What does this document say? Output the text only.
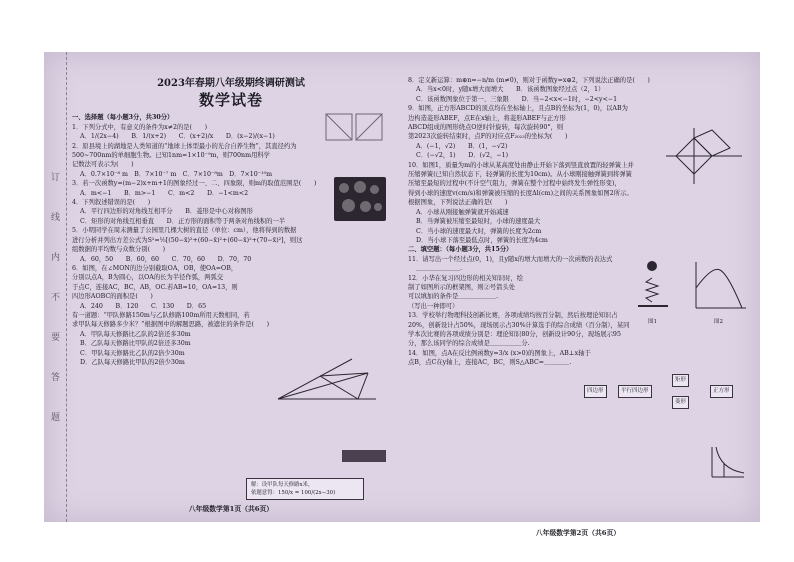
订
线
内
不
要
答
题
2023年春期八年级期终调研测试
数学试卷
一、选择题（每小题3分，共30分）
1．下列分式中，有意义的条件为x≠2的是(　　)
A．1/(2x−4)　　B．1/(x+2)　　C．(x+2)/x　　D．(x−2)/(x−1)
2．原县境上的湖地是人类知道的“地球上体型最小的光合自养生物”，其直径约为
500~700nm的单细胞生物。已知1nm=1×10⁻⁹m，则700nm用科学
记数法可表示为(　　)
A．0.7×10⁻⁸ m　B．7×10⁻⁷ m　C．7×10⁻⁸m　D．7×10⁻¹⁰m
3．若一次函数y=(m−2)x+m+1的图象经过一、二、四象限，则m的取值范围是(　　)
A．m<−1　　B．m>−1　　C．m<2　　D．−1<m<2
4．下列叙述错误的是(　　)
A．平行四边形的对角线互相平分　　B．菱形是中心对称图形
C．矩形的对角线互相垂直　　D．正方形的面积等于两条对角线积的一半
5．小明同学在周末测量了公园里几棵大树的直径（单位：cm），他将得到的数据
进行分析并列出方差公式为S²=⅕[(50−x̄)²+(60−x̄)²+(60−x̄)²+(70−x̄)²]，则这
组数据的平均数与众数分别(　　)
A．60，50　　B．60，60　　C．70，60　　D．70，70
6．如图，在∠MON的边分别截取OA，OB，使OA=OB，
分别以点A，B为圆心，以OA的长为半径作弧，两弧交
于点C，连接AC，BC，AB，OC.若AB=10，OA=13，则
四边形AOBC的面积是(　　)
A．240　　B．120　　C．130　　D．65
有一道题：“甲队修路150m与乙队修路100m所用天数相同，若
求甲队每天修路多少米？”根据图中的解题思路，被遮住的条件是(　　)
A．甲队每天修路比乙队的2倍还多30m
B．乙队每天修路比甲队的2倍还多30m
C．甲队每天修路比乙队的2倍少30m
D．乙队每天修路比甲队的2倍少30m
解：设甲队每天修路x米，
依题意得：150/x = 100/(2x−30)
八年级数学第1页（共6页）
8．定义新运算：m⊕n=−n/m (m≠0)，则对于函数y=x⊕2，下列说法正确的是(　　)
A．当x<0时，y随x增大而增大　　B．该函数图象经过点（2，1）
C．该函数图象位于第一、三象限　　D．当−2<x<−1时，−2<y<−1
9．如图，正方形ABCD的顶点均在坐标轴上，且点B的坐标为(1，0)，以AB为
边构造菱形ABEF，点E在x轴上，将菱形ABEF与正方形
ABCD组成的图形绕点O逆时针旋转，每次旋转90°，则
第2023次旋转结束时，点F的对应点F₂₀₂₃的坐标为(　　)
A．(−1，√2)　　B．(1，−√2)
C．(−√2，1)　　D．(√2，−1)
10．如图1，质量为m的小球从某高度处由静止开始下落到竖直放置的轻弹簧上并
压缩弹簧(已知自然状态下，轻弹簧的长度为10cm)。从小球刚接触弹簧到将弹簧
压缩至最短的过程中(不计空气阻力，弹簧在整个过程中始终发生弹性形变)，
得到小球的速度v(cm/s)和弹簧被压缩的长度Δl(cm)之间的关系图象如图2所示。
根据图象，下列说法正确的是(　　)
A．小球从刚接触弹簧就开始减速
B．当弹簧被压缩至最短时，小球的速度最大
C．当小球的速度最大时，弹簧的长度为2cm
D．当小球下落至最低点时，弹簧的长度为4cm
二、填空题：（每小题3分，共15分）
11．请写出一个经过点(0，1)，且y随x的增大而增大的一次函数的表达式
＿＿＿＿＿＿＿.
12．小华在复习四边形的相关知识时，绘
制了如图所示的框架图，则②号箭头处
可以填加的条件是＿＿＿＿＿＿.
（写出一种即可）
13．学校举行物理科技创新比赛，各项成绩均按百分制，然后按理论知识占
20%，创新设计占50%，现场展示占30%计算选手的综合成绩（百分制），某同
学本次比赛的各项成绩分别是：理论知识80分，创新设计90分，现场展示95
分，那么该同学的综合成绩是＿＿＿＿＿分.
14．如图，点A在反比例函数y=3/x (x>0)的图象上，AB⊥x轴于
点B，点C在y轴上，连接AC，BC，则S△ABC=＿＿＿＿.
图1	图2
四边形	平行四边形
矩形
正方形
菱形
八年级数学第2页（共6页）
